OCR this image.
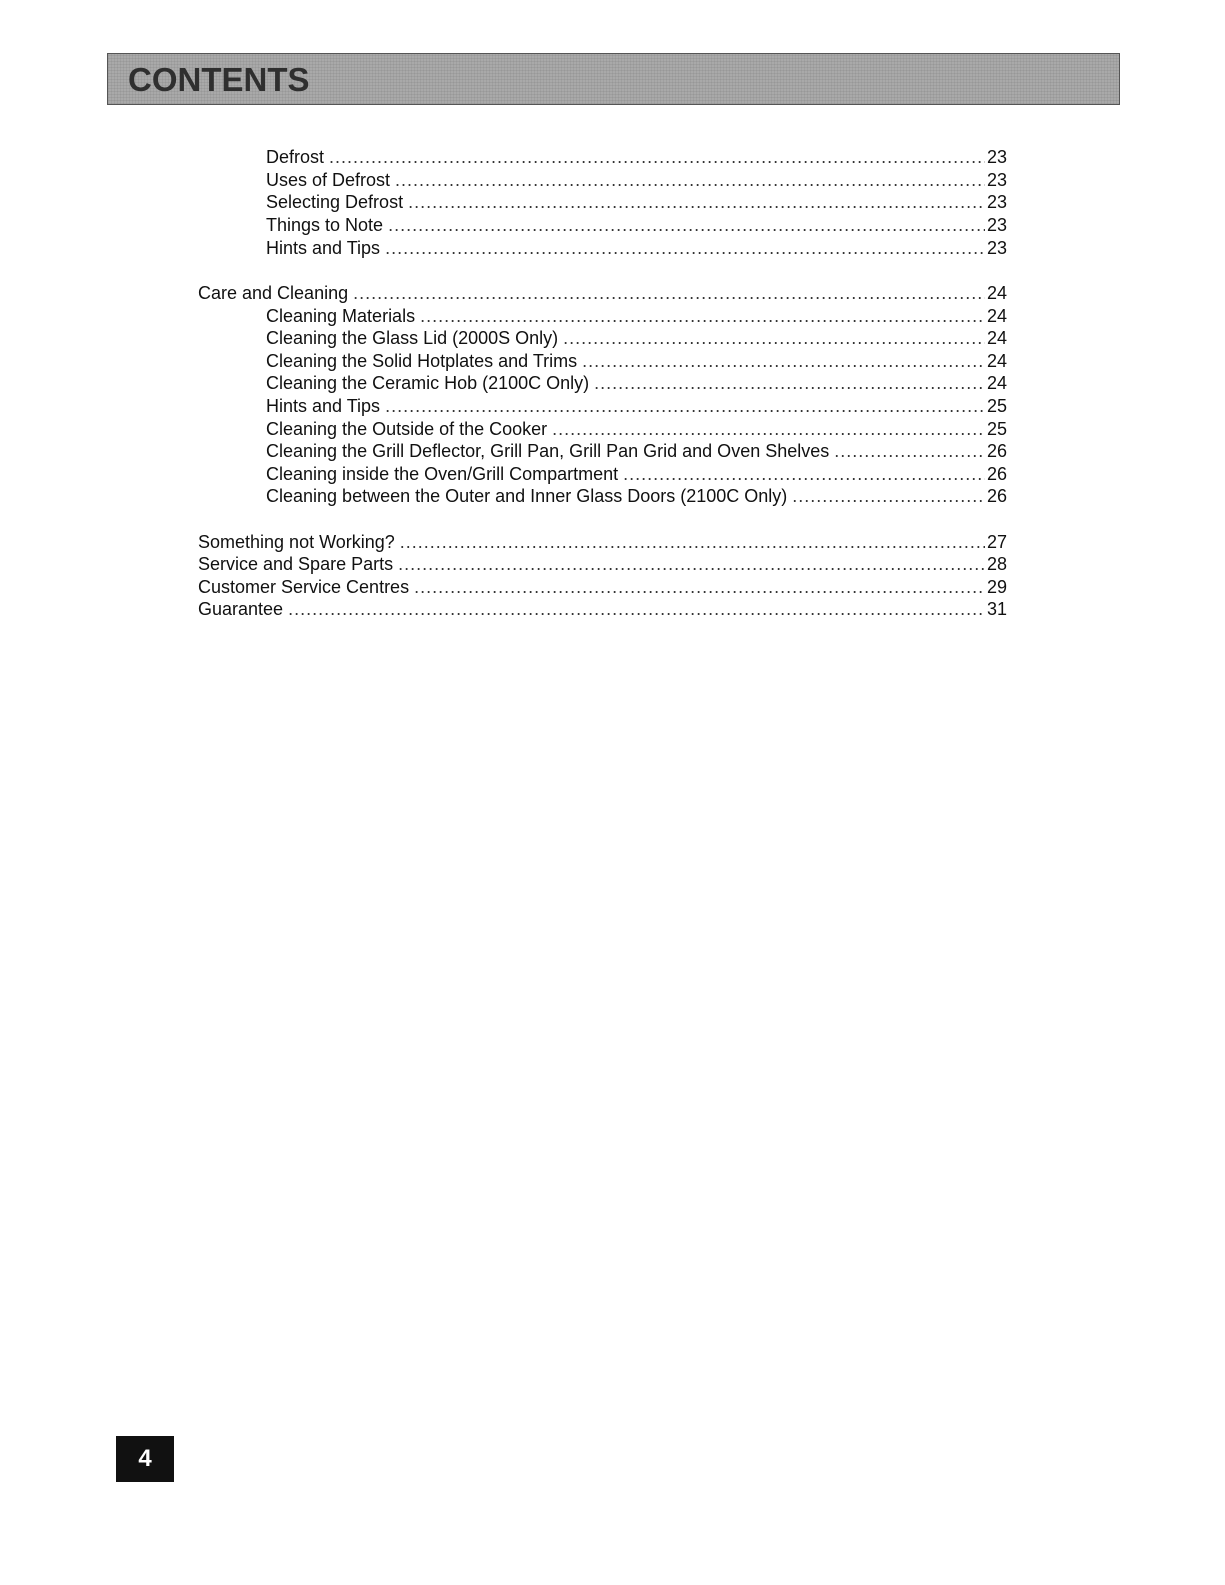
CONTENTS
Defrost .....	23
Uses of Defrost .....	23
Selecting Defrost .....	23
Things to Note .....	23
Hints and Tips .....	23
Care and Cleaning .....	24
Cleaning Materials .....	24
Cleaning the Glass Lid (2000S Only) .....	24
Cleaning the Solid Hotplates and Trims .....	24
Cleaning the Ceramic Hob (2100C Only) .....	24
Hints and Tips .....	25
Cleaning the Outside of the Cooker .....	25
Cleaning the Grill Deflector, Grill Pan, Grill Pan Grid and Oven Shelves .....	26
Cleaning inside the Oven/Grill Compartment .....	26
Cleaning between the Outer and Inner Glass Doors (2100C Only) .....	26
Something not Working? .....	27
Service and Spare Parts .....	28
Customer Service Centres .....	29
Guarantee .....	31
4
